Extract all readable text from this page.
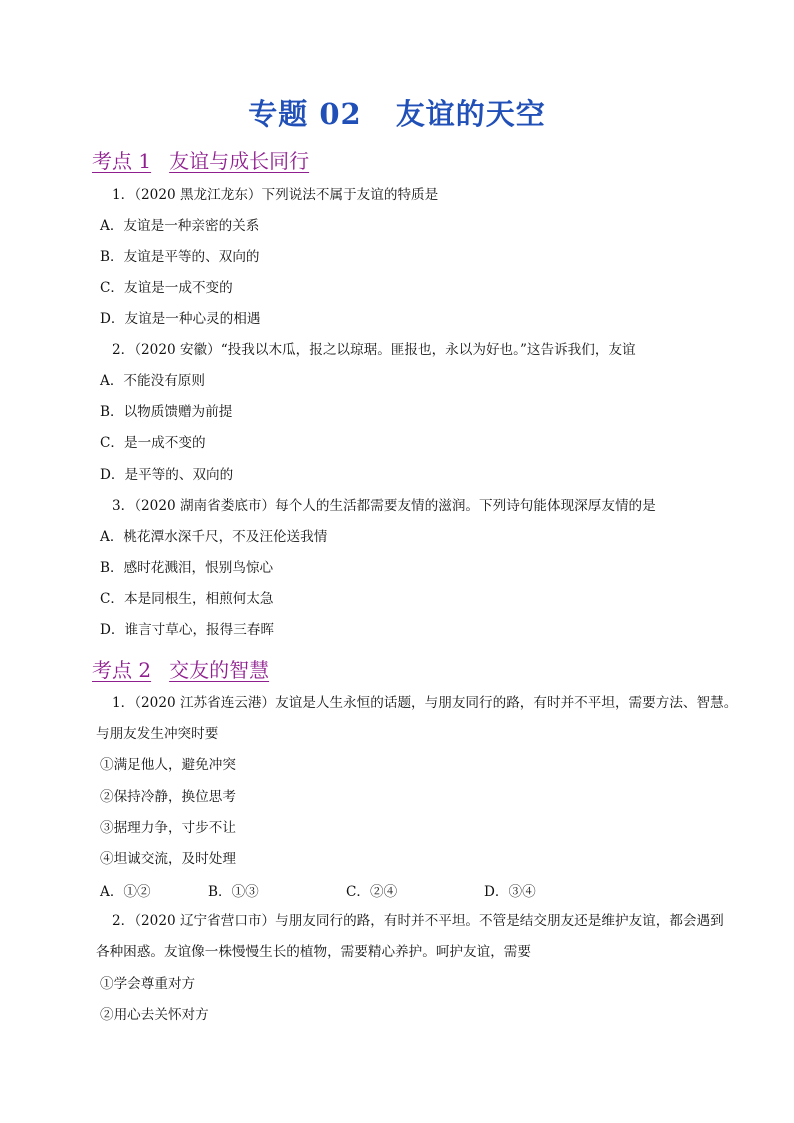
专题 02 友谊的天空
考点 1 友谊与成长同行
1．（2020 黑龙江龙东）下列说法不属于友谊的特质是
A．友谊是一种亲密的关系
B．友谊是平等的、双向的
C．友谊是一成不变的
D．友谊是一种心灵的相遇
2．（2020 安徽）“投我以木瓜，报之以琼琚。匪报也，永以为好也。”这告诉我们，友谊
A．不能没有原则
B．以物质馈赠为前提
C．是一成不变的
D．是平等的、双向的
3．（2020 湖南省娄底市）每个人的生活都需要友情的滋润。下列诗句能体现深厚友情的是
A．桃花潭水深千尺，不及汪伦送我情
B．感时花溅泪，恨别鸟惊心
C．本是同根生，相煎何太急
D．谁言寸草心，报得三春晖
考点 2 交友的智慧
1．（2020 江苏省连云港）友谊是人生永恒的话题，与朋友同行的路，有时并不平坦，需要方法、智慧。
与朋友发生冲突时要
①满足他人，避免冲突
②保持冷静，换位思考
③据理力争，寸步不让
④坦诚交流，及时处理
A．①②	B．①③	C．②④	D．③④
2．（2020 辽宁省营口市）与朋友同行的路，有时并不平坦。不管是结交朋友还是维护友谊，都会遇到
各种困惑。友谊像一株慢慢生长的植物，需要精心养护。呵护友谊，需要
①学会尊重对方
②用心去关怀对方
